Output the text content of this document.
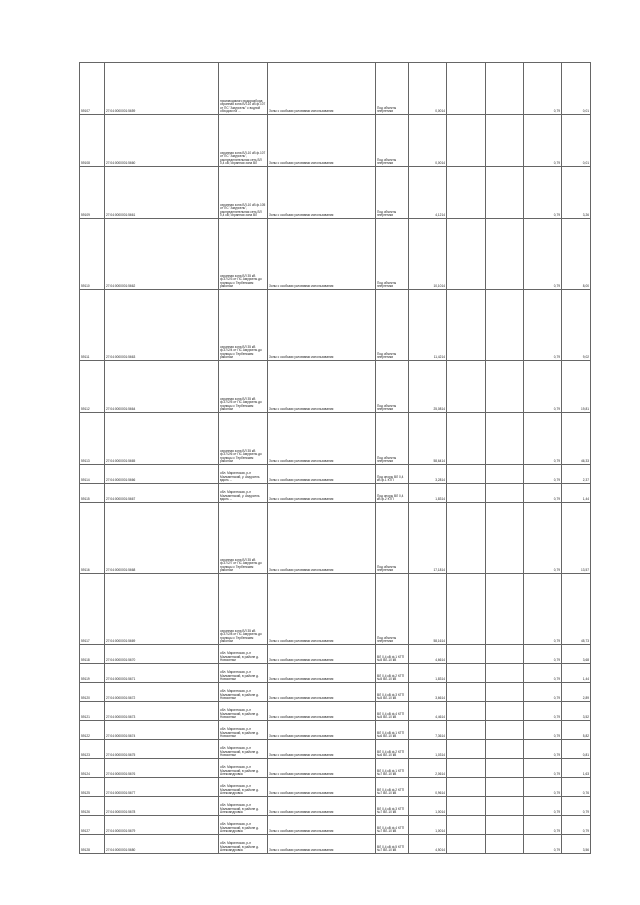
59107	27:04:0000001:5659	производимого водоразбора; охранная зона ВЛ-10 кВ ф.107 от ПС "Амурсель" с водной обходом на ...	Зоны с особыми условиями использования	Под объекты энергетики	0,0014			0,79	0,01
59108	27:04:0000001:5660	охранная зона ВЛ-10 кВ ф.107 от ПС "Амурсель", распределительная сеть ВЛ 0,4 кВ; охранная зона ВЛ	Зоны с особыми условиями использования	Под объекты энергетики	0,0014			0,79	0,01
59109	27:04:0000001:5661	охранная зона ВЛ-10 кВ ф.105 от ПС "Амурсель", распределительная сеть ВЛ 0,4 кВ; охранная зона ВЛ	Зоны с особыми условиями использования	Под объекты энергетики	4,1214			0,79	3,26
59110	27:04:0000001:5662	охранная зона ВЛ 35 кВ ф.37/2/3 от ПС Амурсель до границы с Тербенским районом	Зоны с особыми условиями использования	Под объекты энергетики	10,1014			0,79	8,00
59111	27:04:0000001:5663	охранная зона ВЛ 35 кВ ф.37/2/4 от ПС Амурсель до границы с Тербенским районом	Зоны с особыми условиями использования	Под объекты энергетики	11,4214			0,79	9,02
59112	27:04:0000001:5664	охранная зона ВЛ 35 кВ ф.37/2/5 от ПС Амурсель до границы с Тербенским районом	Зоны с особыми условиями использования	Под объекты энергетики	25,0814			0,79	19,81
59113	27:04:0000001:5665	охранная зона ВЛ 35 кВ ф.37/2/6 от ПС Амурсель до границы с Тербенским районом	Зоны с особыми условиями использования	Под объекты энергетики	58,6414			0,79	46,33
59114	27:04:0000001:5666	обл. Мариэтская, р-н Мальменский, у. Амурсель вдоль ...	Зоны с особыми условиями использования	Под опоры ВЛ 0,4 кВ ф.1 КТП	3,2814			0,79	2,37
59115	27:04:0000001:5667	обл. Мариэтская, р-н Мальменский, у. Амурсель вдоль ...	Зоны с особыми условиями использования	Под опоры ВЛ 0,4 кВ ф.2 КТП	1,8314			0,79	1,44
59116	27:04:0000001:5668	охранная зона ВЛ 35 кВ ф.37/2/7 от ПС Амурсель до границы с Тербенским районом	Зоны с особыми условиями использования	Под объекты энергетики	17,1814			0,79	13,57
59117	27:04:0000001:5669	охранная зона ВЛ 35 кВ ф.37/2/8 от ПС Амурсель до границы с Тербенским районом	Зоны с особыми условиями использования	Под объекты энергетики	58,1614			0,79	45,73
59118	27:04:0000001:5670	обл. Мариэтская, р-н Мальменский, в районе д. Новоселки	Зоны с особыми условиями использования	ВЛ 0,4 кВ ф.1 КТП №5 ВЛ-10 кВ	4,6614			0,79	3,68
59119	27:04:0000001:5671	обл. Мариэтская, р-н Мальменский, в районе д. Новоселки	Зоны с особыми условиями использования	ВЛ 0,4 кВ ф.2 КТП №5 ВЛ-10 кВ	1,8314			0,79	1,44
59120	27:04:0000001:5672	обл. Мариэтская, р-н Мальменский, в районе д. Новоселки	Зоны с особыми условиями использования	ВЛ 0,4 кВ ф.3 КТП №5 ВЛ-10 кВ	3,6614			0,79	2,89
59121	27:04:0000001:5673	обл. Мариэтская, р-н Мальменский, в районе д. Новоселки	Зоны с особыми условиями использования	ВЛ 0,4 кВ ф.4 КТП №5 ВЛ-10 кВ	4,4614			0,79	3,52
59122	27:04:0000001:5674	обл. Мариэтская, р-н Мальменский, в районе д. Новоселки	Зоны с особыми условиями использования	ВЛ 0,4 кВ ф.1 КТП №6 ВЛ-10 кВ	7,3614			0,79	5,82
59123	27:04:0000001:5675	обл. Мариэтская, р-н Мальменский, в районе д. Новоселки	Зоны с особыми условиями использования	ВЛ 0,4 кВ ф.2 КТП №6 ВЛ-10 кВ	1,0314			0,79	0,81
59124	27:04:0000001:5676	обл. Мариэтская, р-н Мальменский, в районе д. Александровка	Зоны с особыми условиями использования	ВЛ 0,4 кВ ф.1 КТП №7 ВЛ-10 кВ	2,0614			0,79	1,63
59125	27:04:0000001:5677	обл. Мариэтская, р-н Мальменский, в районе д. Александровка	Зоны с особыми условиями использования	ВЛ 0,4 кВ ф.2 КТП №7 ВЛ-10 кВ	0,9614			0,79	0,76
59126	27:04:0000001:5678	обл. Мариэтская, р-н Мальменский, в районе д. Александровка	Зоны с особыми условиями использования	ВЛ 0,4 кВ ф.3 КТП №7 ВЛ-10 кВ	1,0014			0,79	0,79
59127	27:04:0000001:5679	обл. Мариэтская, р-н Мальменский, в районе д. Александровка	Зоны с особыми условиями использования	ВЛ 0,4 кВ ф.4 КТП №7 ВЛ-10 кВ	1,0014			0,79	0,79
59128	27:04:0000001:5680	обл. Мариэтская, р-н Мальменский, в районе д. Александровка	Зоны с особыми условиями использования	ВЛ 0,4 кВ ф.5 КТП №7 ВЛ-10 кВ	4,5014			0,79	3,56
